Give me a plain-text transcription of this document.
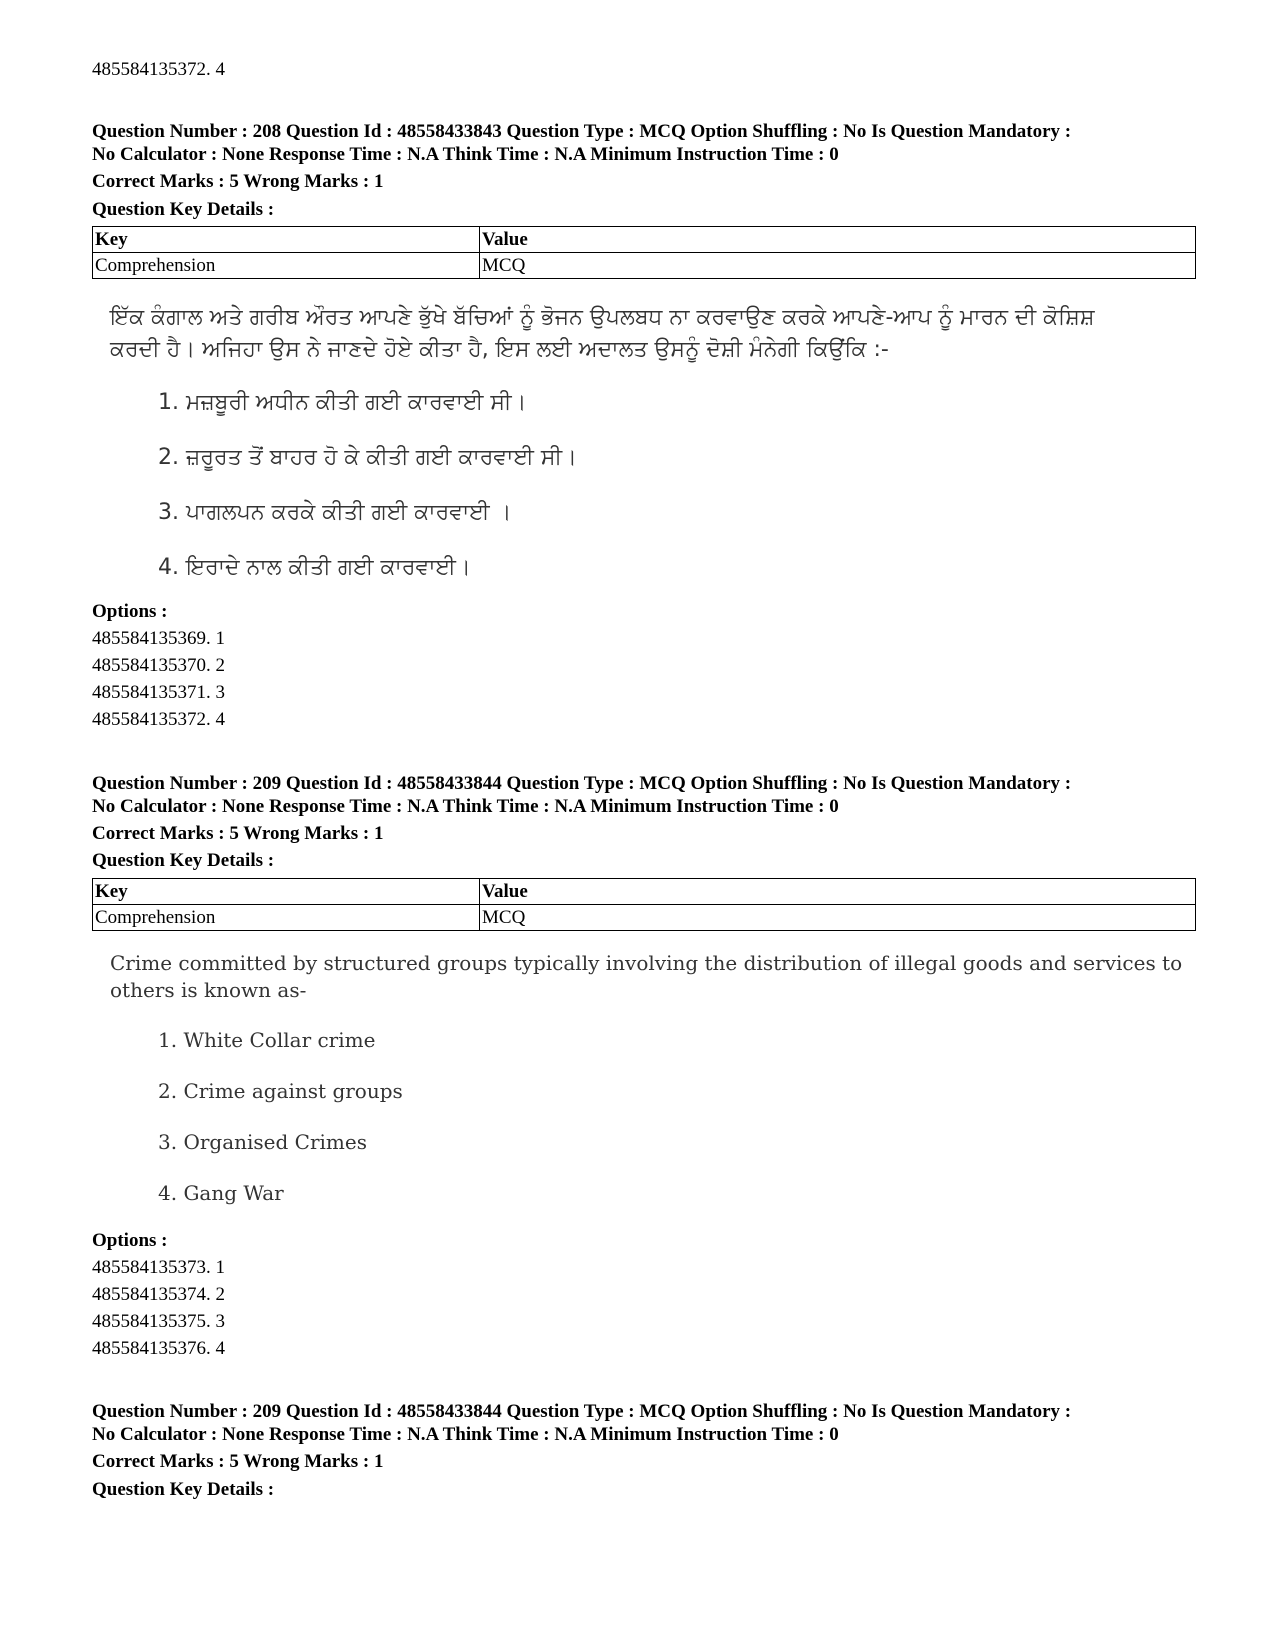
485584135372. 4
Question Number : 208 Question Id : 48558433843 Question Type : MCQ Option Shuffling : No Is Question Mandatory :
No Calculator : None Response Time : N.A Think Time : N.A Minimum Instruction Time : 0
Correct Marks : 5 Wrong Marks : 1
Question Key Details :
Key	Value
Comprehension	MCQ
ਇੱਕ ਕੰਗਾਲ ਅਤੇ ਗਰੀਬ ਔਰਤ ਆਪਣੇ ਭੁੱਖੇ ਬੱਚਿਆਂ ਨੂੰ ਭੋਜਨ ਉਪਲਬਧ ਨਾ ਕਰਵਾਉਣ ਕਰਕੇ ਆਪਣੇ-ਆਪ ਨੂੰ ਮਾਰਨ ਦੀ ਕੋਸ਼ਿਸ਼
ਕਰਦੀ ਹੈ। ਅਜਿਹਾ ਉਸ ਨੇ ਜਾਣਦੇ ਹੋਏ ਕੀਤਾ ਹੈ, ਇਸ ਲਈ ਅਦਾਲਤ ਉਸਨੂੰ ਦੋਸ਼ੀ ਮੰਨੇਗੀ ਕਿਉਂਕਿ :-
1. ਮਜ਼ਬੂਰੀ ਅਧੀਨ ਕੀਤੀ ਗਈ ਕਾਰਵਾਈ ਸੀ।
2. ਜ਼ਰੂਰਤ ਤੋਂ ਬਾਹਰ ਹੋ ਕੇ ਕੀਤੀ ਗਈ ਕਾਰਵਾਈ ਸੀ।
3. ਪਾਗਲਪਨ ਕਰਕੇ ਕੀਤੀ ਗਈ ਕਾਰਵਾਈ ।
4. ਇਰਾਦੇ ਨਾਲ ਕੀਤੀ ਗਈ ਕਾਰਵਾਈ।
Options :
485584135369. 1
485584135370. 2
485584135371. 3
485584135372. 4
Question Number : 209 Question Id : 48558433844 Question Type : MCQ Option Shuffling : No Is Question Mandatory :
No Calculator : None Response Time : N.A Think Time : N.A Minimum Instruction Time : 0
Correct Marks : 5 Wrong Marks : 1
Question Key Details :
Key	Value
Comprehension	MCQ
Crime committed by structured groups typically involving the distribution of illegal goods and services to
others is known as-
1. White Collar crime
2. Crime against groups
3. Organised Crimes
4. Gang War
Options :
485584135373. 1
485584135374. 2
485584135375. 3
485584135376. 4
Question Number : 209 Question Id : 48558433844 Question Type : MCQ Option Shuffling : No Is Question Mandatory :
No Calculator : None Response Time : N.A Think Time : N.A Minimum Instruction Time : 0
Correct Marks : 5 Wrong Marks : 1
Question Key Details :
